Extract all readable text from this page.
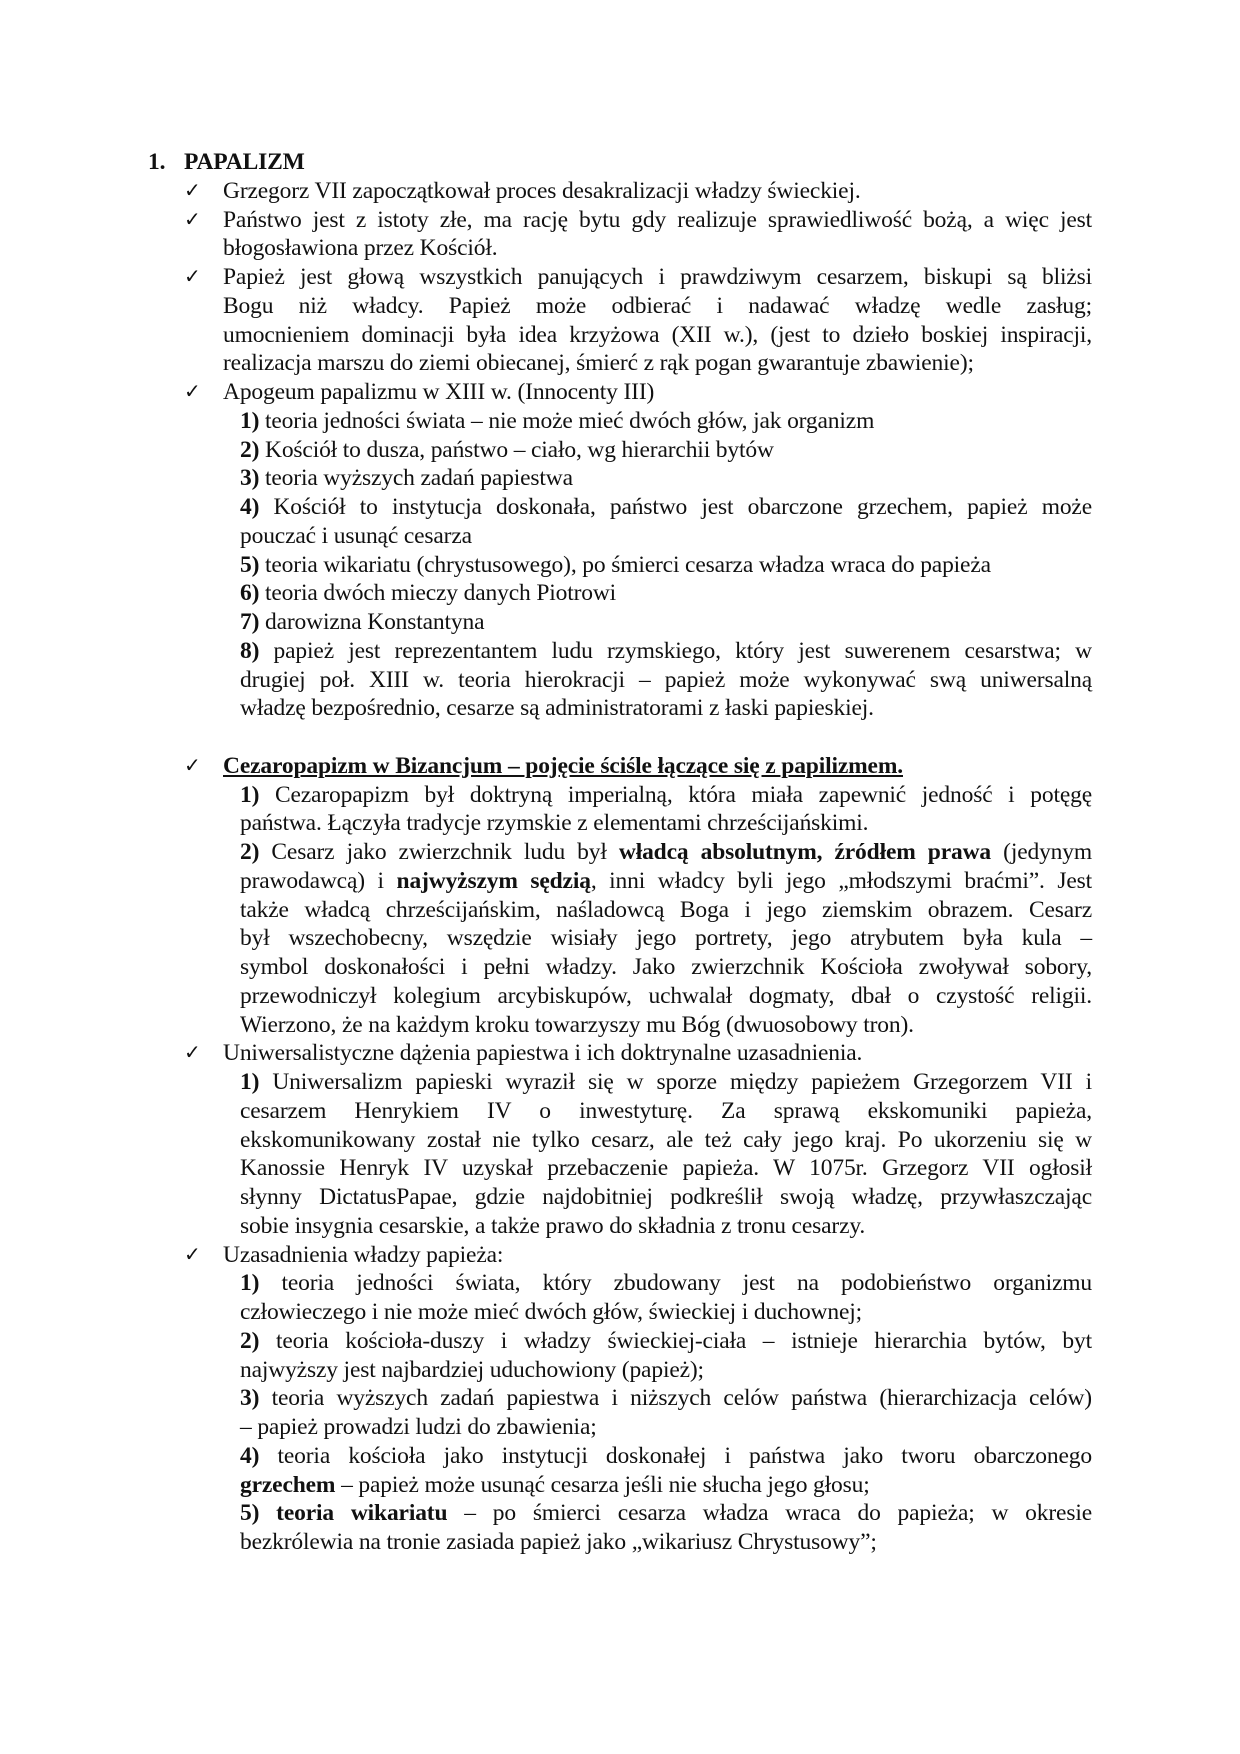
1. PAPALIZM
✓ Grzegorz VII zapoczątkował proces desakralizacji władzy świeckiej.
✓ Państwo jest z istoty złe, ma rację bytu gdy realizuje sprawiedliwość bożą, a więc jest
błogosławiona przez Kościół.
✓ Papież jest głową wszystkich panujących i prawdziwym cesarzem, biskupi są bliżsi
Bogu niż władcy. Papież może odbierać i nadawać władzę wedle zasług;
umocnieniem dominacji była idea krzyżowa (XII w.), (jest to dzieło boskiej inspiracji,
realizacja marszu do ziemi obiecanej, śmierć z rąk pogan gwarantuje zbawienie);
✓ Apogeum papalizmu w XIII w. (Innocenty III)
1) teoria jedności świata – nie może mieć dwóch głów, jak organizm
2) Kościół to dusza, państwo – ciało, wg hierarchii bytów
3) teoria wyższych zadań papiestwa
4) Kościół to instytucja doskonała, państwo jest obarczone grzechem, papież może
pouczać i usunąć cesarza
5) teoria wikariatu (chrystusowego), po śmierci cesarza władza wraca do papieża
6) teoria dwóch mieczy danych Piotrowi
7) darowizna Konstantyna
8) papież jest reprezentantem ludu rzymskiego, który jest suwerenem cesarstwa; w
drugiej poł. XIII w. teoria hierokracji – papież może wykonywać swą uniwersalną
władzę bezpośrednio, cesarze są administratorami z łaski papieskiej.
✓ Cezaropapizm w Bizancjum – pojęcie ściśle łączące się z papilizmem.
1) Cezaropapizm był doktryną imperialną, która miała zapewnić jedność i potęgę
państwa. Łączyła tradycje rzymskie z elementami chrześcijańskimi.
2) Cesarz jako zwierzchnik ludu był władcą absolutnym, źródłem prawa (jedynym
prawodawcą) i najwyższym sędzią, inni władcy byli jego „młodszymi braćmi”. Jest
także władcą chrześcijańskim, naśladowcą Boga i jego ziemskim obrazem. Cesarz
był wszechobecny, wszędzie wisiały jego portrety, jego atrybutem była kula –
symbol doskonałości i pełni władzy. Jako zwierzchnik Kościoła zwoływał sobory,
przewodniczył kolegium arcybiskupów, uchwalał dogmaty, dbał o czystość religii.
Wierzono, że na każdym kroku towarzyszy mu Bóg (dwuosobowy tron).
✓ Uniwersalistyczne dążenia papiestwa i ich doktrynalne uzasadnienia.
1) Uniwersalizm papieski wyraził się w sporze między papieżem Grzegorzem VII i
cesarzem Henrykiem IV o inwestyturę. Za sprawą ekskomuniki papieża,
ekskomunikowany został nie tylko cesarz, ale też cały jego kraj. Po ukorzeniu się w
Kanossie Henryk IV uzyskał przebaczenie papieża. W 1075r. Grzegorz VII ogłosił
słynny DictatusPapae, gdzie najdobitniej podkreślił swoją władzę, przywłaszczając
sobie insygnia cesarskie, a także prawo do składnia z tronu cesarzy.
✓ Uzasadnienia władzy papieża:
1) teoria jedności świata, który zbudowany jest na podobieństwo organizmu
człowieczego i nie może mieć dwóch głów, świeckiej i duchownej;
2) teoria kościoła-duszy i władzy świeckiej-ciała – istnieje hierarchia bytów, byt
najwyższy jest najbardziej uduchowiony (papież);
3) teoria wyższych zadań papiestwa i niższych celów państwa (hierarchizacja celów)
– papież prowadzi ludzi do zbawienia;
4) teoria kościoła jako instytucji doskonałej i państwa jako tworu obarczonego
grzechem – papież może usunąć cesarza jeśli nie słucha jego głosu;
5) teoria wikariatu – po śmierci cesarza władza wraca do papieża; w okresie
bezkrólewia na tronie zasiada papież jako „wikariusz Chrystusowy”;
